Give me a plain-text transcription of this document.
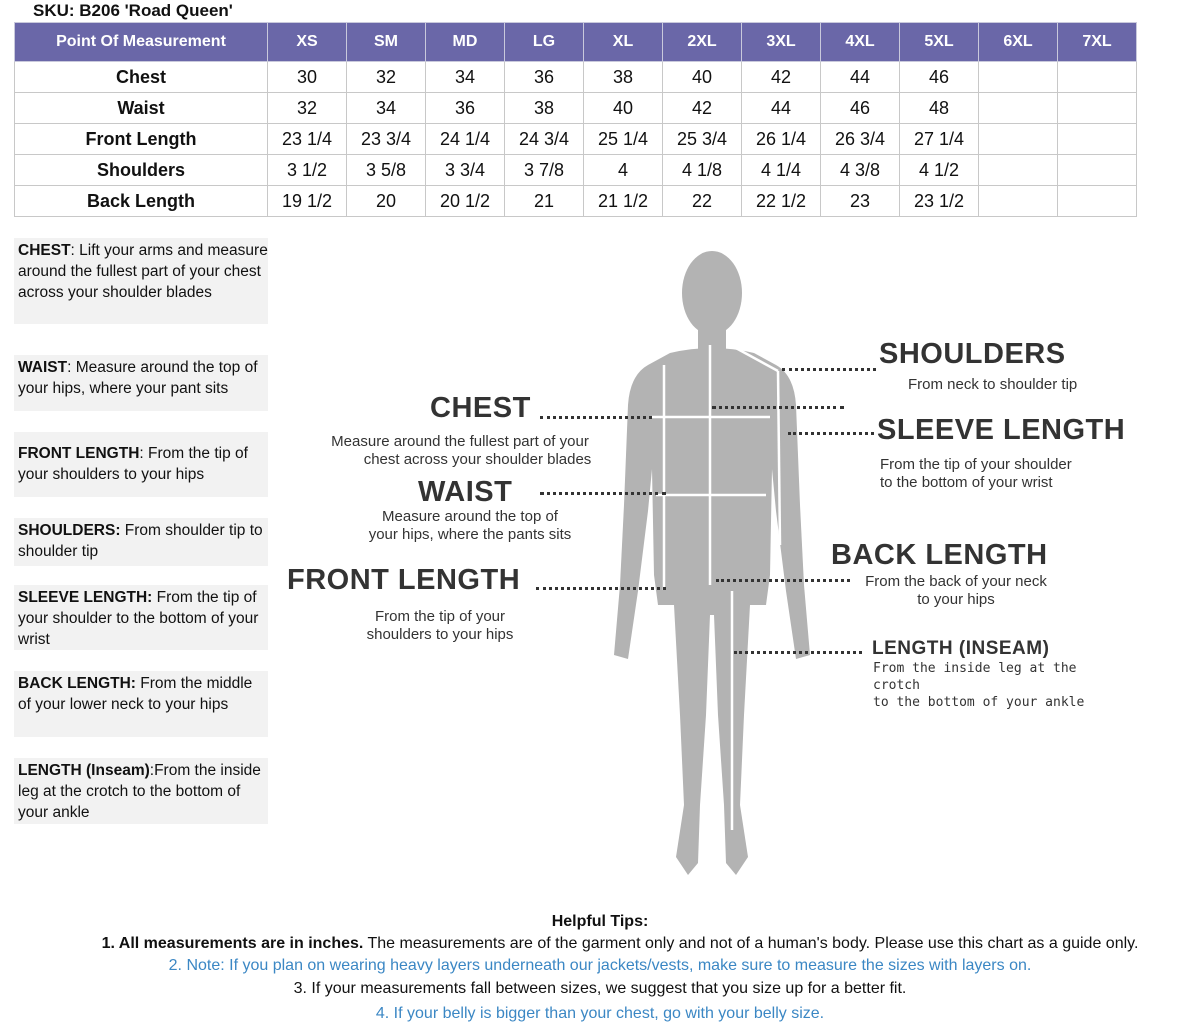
SKU: B206 'Road Queen'
Point Of Measurement	XS	SM	MD	LG	XL	2XL	3XL	4XL	5XL	6XL	7XL
Chest	30	32	34	36	38	40	42	44	46		
Waist	32	34	36	38	40	42	44	46	48		
Front Length	23 1/4	23 3/4	24 1/4	24 3/4	25 1/4	25 3/4	26 1/4	26 3/4	27 1/4		
Shoulders	3 1/2	3 5/8	3 3/4	3 7/8	4	4 1/8	4 1/4	4 3/8	4 1/2		
Back Length	19 1/2	20	20 1/2	21	21 1/2	22	22 1/2	23	23 1/2		
CHEST: Lift your arms and measure around the fullest part of your chest across your shoulder blades
WAIST: Measure around the top of your hips, where your pant sits
FRONT LENGTH: From the tip of your shoulders to your hips
SHOULDERS: From shoulder tip to shoulder tip
SLEEVE LENGTH: From the tip of your shoulder to the bottom of your wrist
BACK LENGTH: From the middle of your lower neck to your hips
LENGTH (Inseam):From the inside leg at the crotch to the bottom of your ankle
CHEST
Measure around the fullest part of your
chest across your shoulder blades
WAIST
Measure around the top of
your hips, where the pants sits
FRONT LENGTH
From the tip of your
shoulders to your hips
SHOULDERS
From neck to shoulder tip
SLEEVE LENGTH
From the tip of your shoulder
to the bottom of your wrist
BACK LENGTH
From the back of your neck
to your hips
LENGTH (INSEAM)
From the inside leg at the crotch
to the bottom of your ankle
Helpful Tips:
1. All measurements are in inches. The measurements are of the garment only and not of a human's body. Please use this chart as a guide only.
2. Note: If you plan on wearing heavy layers underneath our jackets/vests, make sure to measure the sizes with layers on.
3. If your measurements fall between sizes, we suggest that you size up for a better fit.
4. If your belly is bigger than your chest, go with your belly size.
